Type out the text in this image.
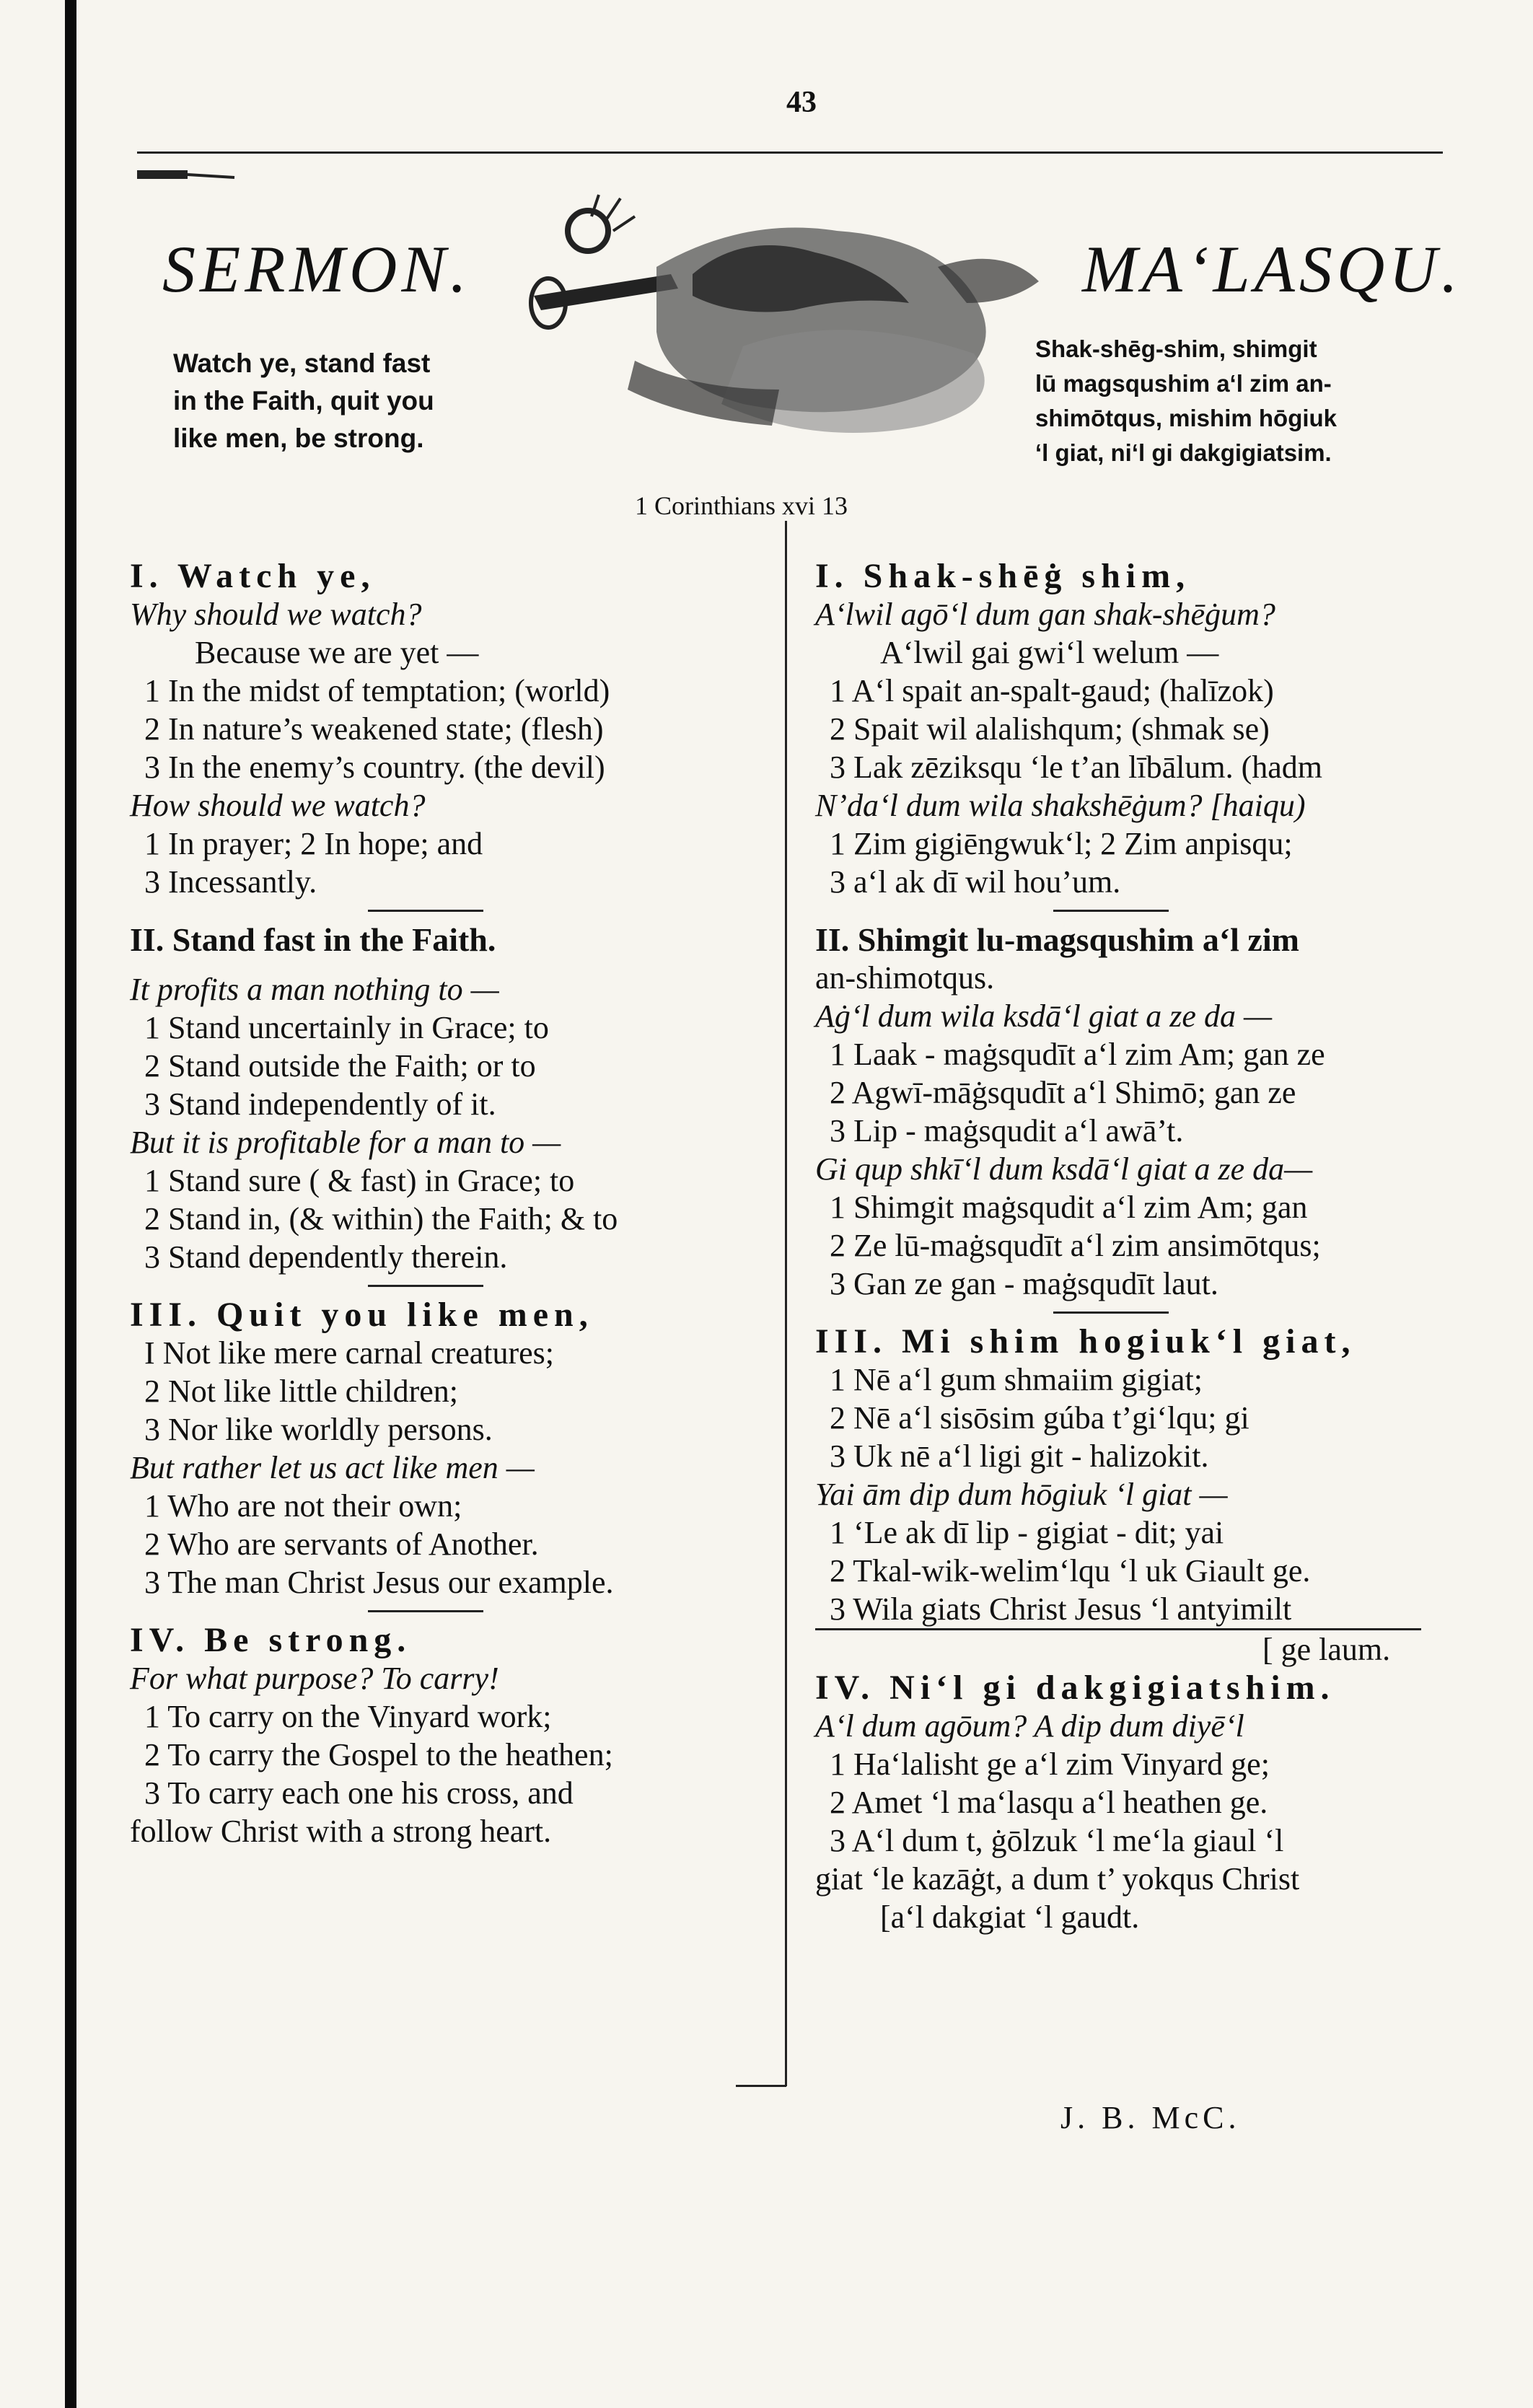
43
SERMON.	MA‘LASQU.
Watch ye, stand fast
in the Faith, quit you
like men, be strong.
Shak-shēg-shim, shimgit
lū magsqushim a‘l zim an-
shimōtqus, mishim hōgiuk
‘l giat, ni‘l gi dakgigiatsim.
1 Corinthians xvi 13
I. Watch ye,
Why should we watch?
Because we are yet —
1 In the midst of temptation; (world)
2 In nature’s weakened state; (flesh)
3 In the enemy’s country. (the devil)
How should we watch?
1 In prayer; 2 In hope; and
3 Incessantly.
II. Stand fast in the Faith.
It profits a man nothing to —
1 Stand uncertainly in Grace; to
2 Stand outside the Faith; or to
3 Stand independently of it.
But it is profitable for a man to —
1 Stand sure ( & fast) in Grace; to
2 Stand in, (& within) the Faith; & to
3 Stand dependently therein.
III. Quit you like men,
I Not like mere carnal creatures;
2 Not like little children;
3 Nor like worldly persons.
But rather let us act like men —
1 Who are not their own;
2 Who are servants of Another.
3 The man Christ Jesus our example.
IV. Be strong.
For what purpose? To carry!
1 To carry on the Vinyard work;
2 To carry the Gospel to the heathen;
3 To carry each one his cross, and
follow Christ with a strong heart.
I. Shak-shēġ shim,
A‘lwil agō‘l dum gan shak-shēġum?
A‘lwil gai gwi‘l welum —
1 A‘l spait an-spalt-gaud; (halīzok)
2 Spait wil alalishqum; (shmak se)
3 Lak zēziksqu ‘le t’an lībālum. (hadm
N’da‘l dum wila shakshēġum? [haiqu)
1 Zim gigiēngwuk‘l; 2 Zim anpisqu;
3 a‘l ak dī wil hou’um.
II. Shimgit lu-magsqushim a‘l zim
an-shimotqus.
Aġ‘l dum wila ksdā‘l giat a ze da —
1 Laak - maġsqudīt a‘l zim Am; gan ze
2 Agwī-māġsqudīt a‘l Shimō; gan ze
3 Lip - maġsqudit a‘l awā’t.
Gi qup shkī‘l dum ksdā‘l giat a ze da—
1 Shimgit maġsqudit a‘l zim Am; gan
2 Ze lū-maġsqudīt a‘l zim ansimōtqus;
3 Gan ze gan - maġsqudīt laut.
III. Mi shim hogiuk‘l giat,
1 Nē a‘l gum shmaiim gigiat;
2 Nē a‘l sisōsim gúba t’gi‘lqu; gi
3 Uk nē a‘l ligi git - halizokit.
Yai ām dip dum hōgiuk ‘l giat —
1 ‘Le ak dī lip - gigiat - dit; yai
2 Tkal-wik-welim‘lqu ‘l uk Giault ge.
3 Wila giats Christ Jesus ‘l antyimilt
[ ge laum.
IV. Ni‘l gi dakgigiatshim.
A‘l dum agōum? A dip dum diyē‘l
1 Ha‘lalisht ge a‘l zim Vinyard ge;
2 Amet ‘l ma‘lasqu a‘l heathen ge.
3 A‘l dum t, ġōlzuk ‘l me‘la giaul ‘l
giat ‘le kazāġt, a dum t’ yokqus Christ
[a‘l dakgiat ‘l gaudt.
J. B. McC.
